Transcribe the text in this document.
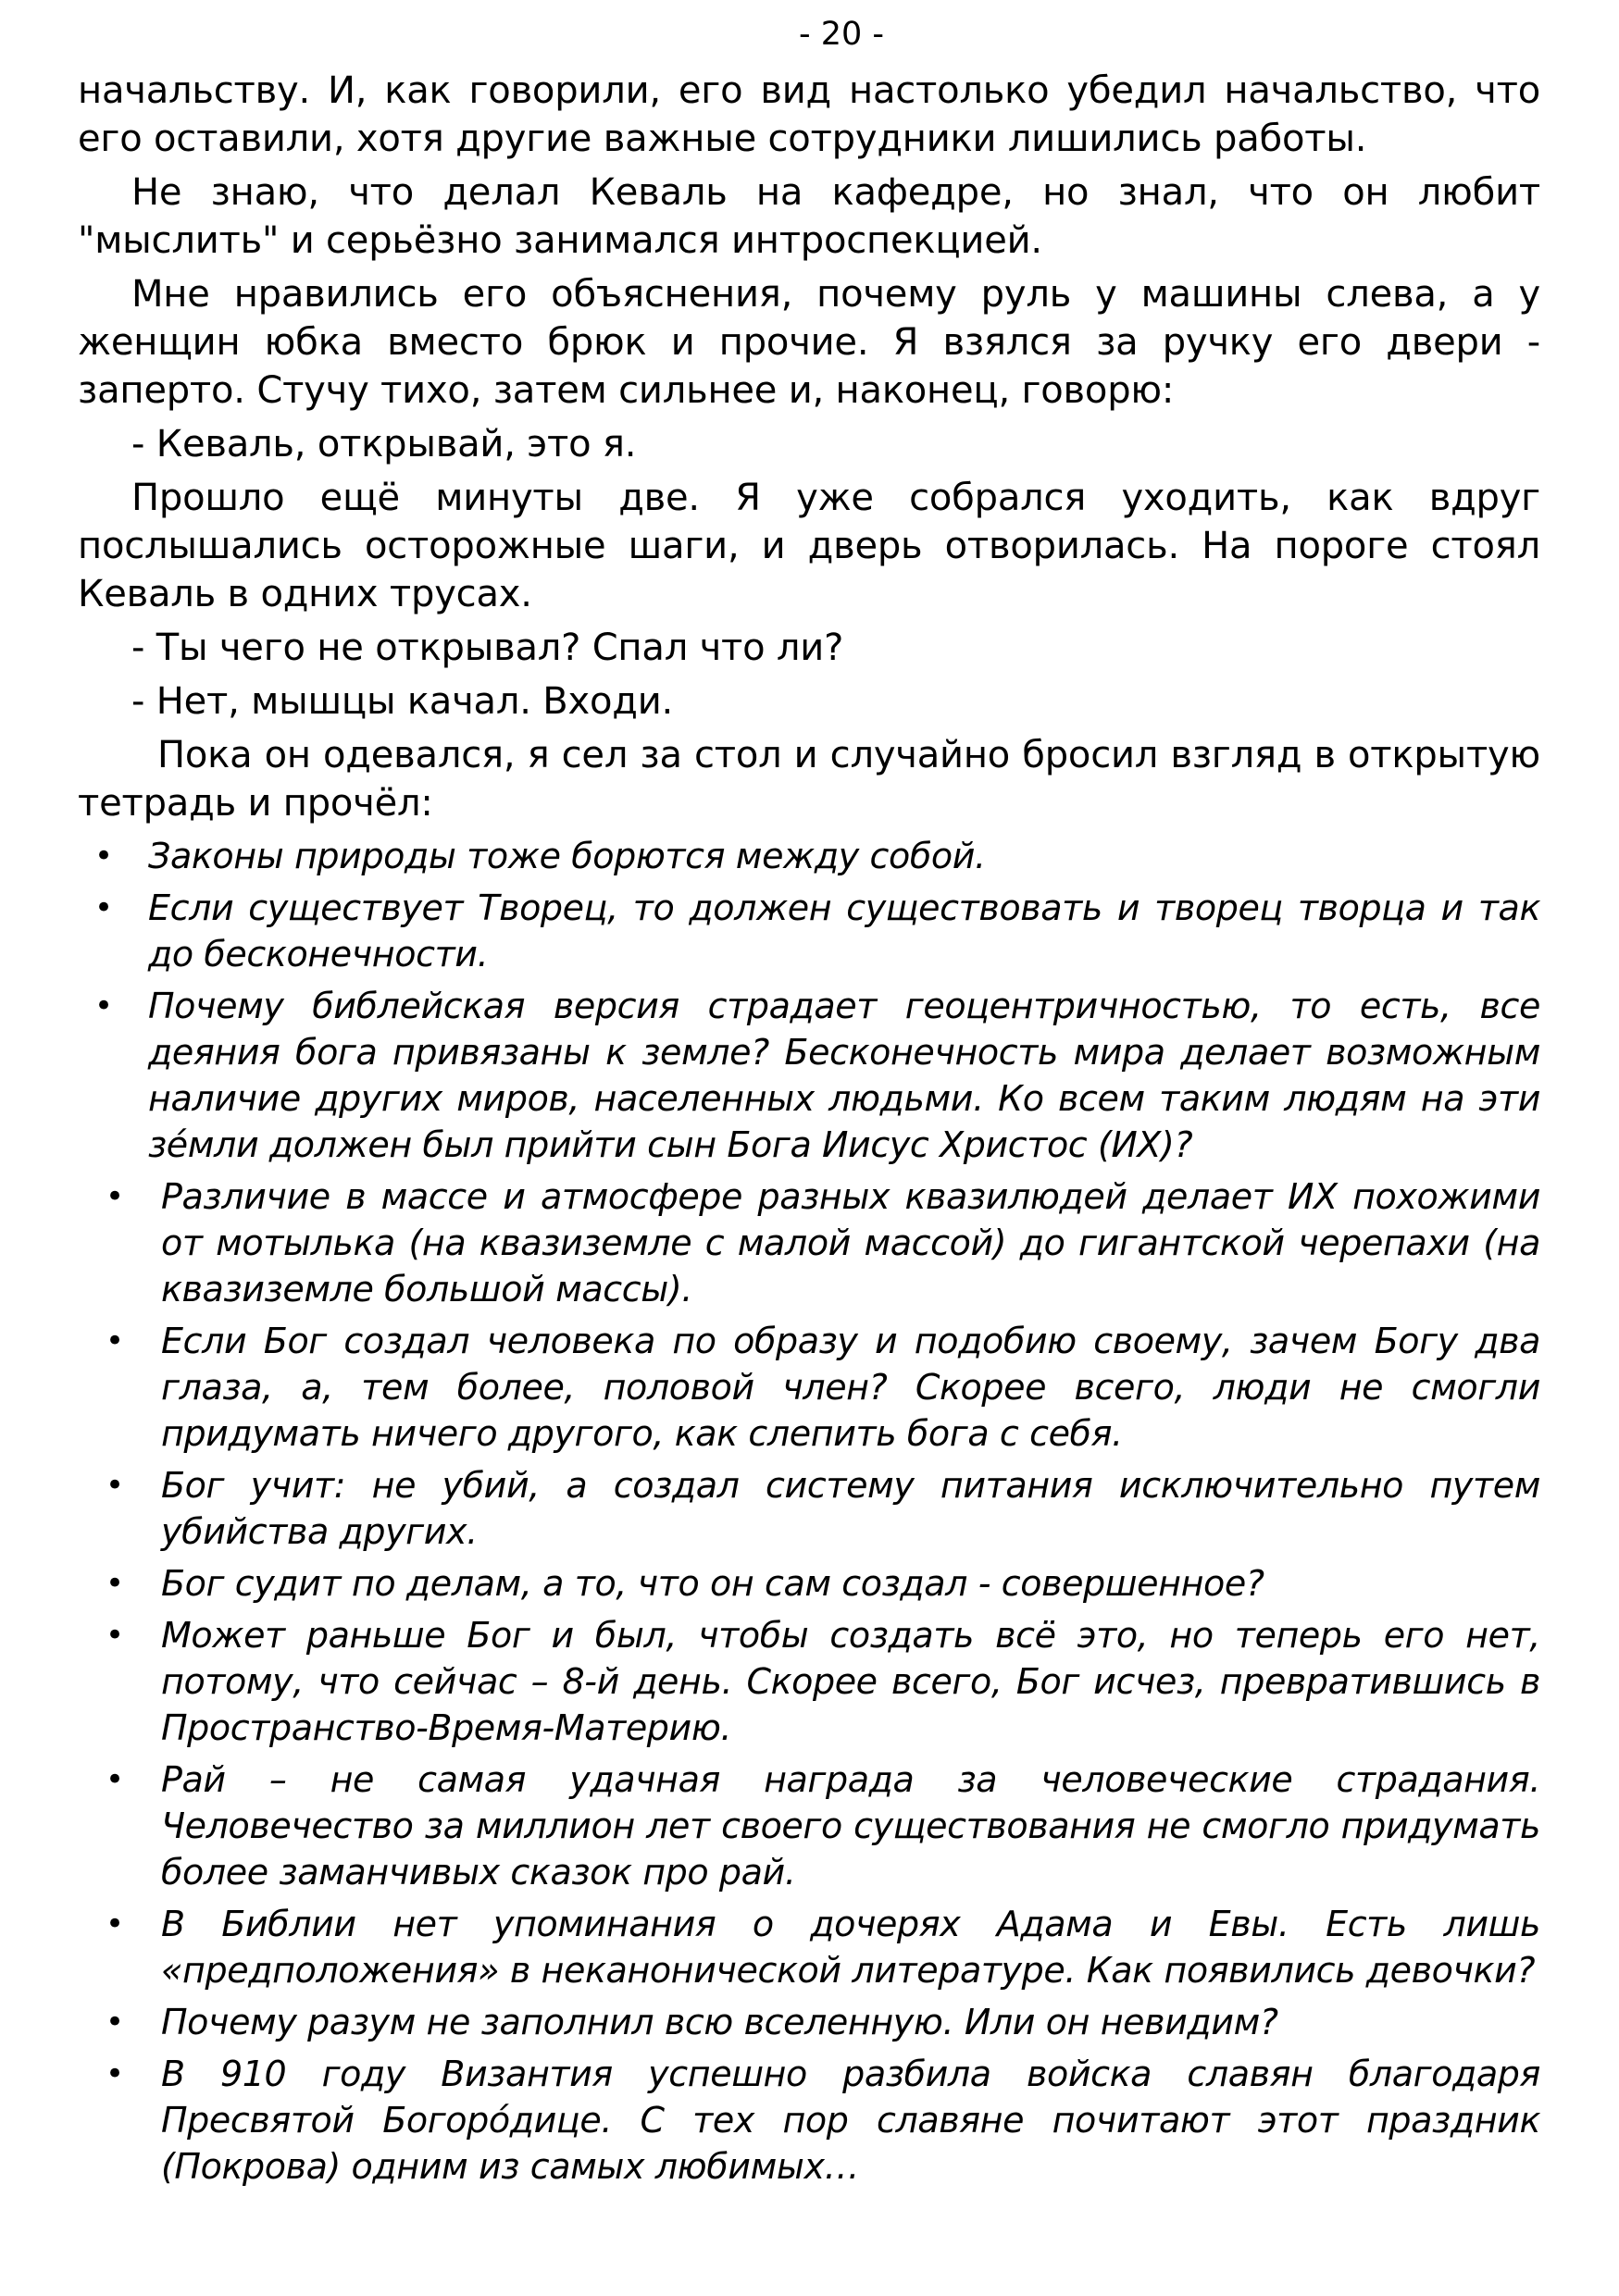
- 20 -

начальству. И, как говорили, его вид настолько убедил начальство, что его оставили, хотя другие важные сотрудники лишились работы.

Не знаю, что делал Кеваль на кафедре, но знал, что он любит "мыслить" и серьёзно занимался интроспекцией.

Мне нравились его объяснения, почему руль у машины слева, а у женщин юбка вместо брюк и прочие. Я взялся за ручку его двери - заперто. Стучу тихо, затем сильнее и, наконец, говорю:

- Кеваль, открывай, это я.

Прошло ещё минуты две. Я уже собрался уходить, как вдруг послышались осторожные шаги, и дверь отворилась. На пороге стоял Кеваль в одних трусах.

- Ты чего не открывал? Спал что ли?

- Нет, мышцы качал. Входи.

Пока он одевался, я сел за стол и случайно бросил взгляд в открытую тетрадь и прочёл:

• Законы природы тоже борются между собой.
• Если существует Творец, то должен существовать и творец творца и так до бесконечности.
• Почему библейская версия страдает геоцентричностью, то есть, все деяния бога привязаны к земле? Бесконечность мира делает возможным наличие других миров, населенных людьми. Ко всем таким людям на эти зéмли должен был прийти сын Бога Иисус Христос (ИХ)?
• Различие в массе и атмосфере разных квазилюдей делает ИХ похожими от мотылька (на квазиземле с малой массой) до гигантской черепахи (на квазиземле большой массы).
• Если Бог создал человека по образу и подобию своему, зачем Богу два глаза, а, тем более, половой член? Скорее всего, люди не смогли придумать ничего другого, как слепить бога с себя.
• Бог учит: не убий, а создал систему питания исключительно путем убийства других.
• Бог судит по делам, а то, что он сам создал - совершенное?
• Может раньше Бог и был, чтобы создать всё это, но теперь его нет, потому, что сейчас – 8-й день. Скорее всего, Бог исчез, превратившись в Пространство-Время-Материю.
• Рай – не самая удачная награда за человеческие страдания. Человечество за миллион лет своего существования не смогло придумать более заманчивых сказок про рай.
• В Библии нет упоминания о дочерях Адама и Евы. Есть лишь «предположения» в неканонической литературе. Как появились девочки?
• Почему разум не заполнил всю вселенную. Или он невидим?
• В 910 году Византия успешно разбила войска славян благодаря Пресвятой Богорóдице. С тех пор славяне почитают этот праздник (Покрова) одним из самых любимых…
